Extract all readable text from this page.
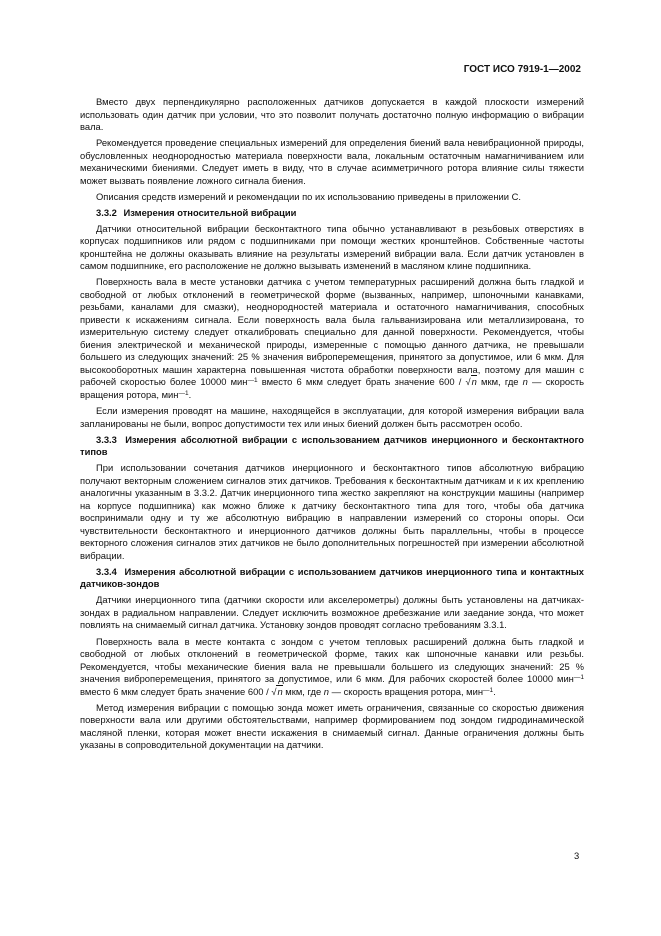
ГОСТ ИСО 7919-1—2002

Вместо двух перпендикулярно расположенных датчиков допускается в каждой плоскости измерений использовать один датчик при условии, что это позволит получать достаточно полную информацию о вибрации вала.

Рекомендуется проведение специальных измерений для определения биений вала невибрационной природы, обусловленных неоднородностью материала поверхности вала, локальным остаточным намагничиванием или механическими биениями. Следует иметь в виду, что в случае асимметричного ротора влияние силы тяжести может вызвать появление ложного сигнала биения.

Описания средств измерений и рекомендации по их использованию приведены в приложении С.

3.3.2 Измерения относительной вибрации

Датчики относительной вибрации бесконтактного типа обычно устанавливают в резьбовых отверстиях в корпусах подшипников или рядом с подшипниками при помощи жестких кронштейнов. Собственные частоты кронштейна не должны оказывать влияние на результаты измерений вибрации вала. Если датчик установлен в самом подшипнике, его расположение не должно вызывать изменений в масляном клине подшипника.

Поверхность вала в месте установки датчика с учетом температурных расширений должна быть гладкой и свободной от любых отклонений в геометрической форме (вызванных, например, шпоночными канавками, резьбами, каналами для смазки), неоднородностей материала и остаточного намагничивания, способных привести к искажениям сигнала. Если поверхность вала была гальванизирована или металлизирована, то измерительную систему следует откалибровать специально для данной поверхности. Рекомендуется, чтобы биения электрической и механической природы, измеренные с помощью данного датчика, не превышали большего из следующих значений: 25 % значения виброперемещения, принятого за допустимое, или 6 мкм. Для высокооборотных машин характерна повышенная чистота обработки поверхности вала, поэтому для машин с рабочей скоростью более 10000 мин$^{—1}$ вместо 6 мкм следует брать значение 600 / √n мкм, где n — скорость вращения ротора, мин$^{—1}$.

Если измерения проводят на машине, находящейся в эксплуатации, для которой измерения вибрации вала запланированы не были, вопрос допустимости тех или иных биений должен быть рассмотрен особо.

3.3.3 Измерения абсолютной вибрации с использованием датчиков инерционного и бесконтактного типов

При использовании сочетания датчиков инерционного и бесконтактного типов абсолютную вибрацию получают векторным сложением сигналов этих датчиков. Требования к бесконтактным датчикам и к их креплению аналогичны указанным в 3.3.2. Датчик инерционного типа жестко закрепляют на конструкции машины (например на корпусе подшипника) как можно ближе к датчику бесконтактного типа для того, чтобы оба датчика воспринимали одну и ту же абсолютную вибрацию в направлении измерений со стороны опоры. Оси чувствительности бесконтактного и инерционного датчиков должны быть параллельны, чтобы в процессе векторного сложения сигналов этих датчиков не было дополнительных погрешностей при измерении абсолютной вибрации.

3.3.4 Измерения абсолютной вибрации с использованием датчиков инерционного типа и контактных датчиков-зондов

Датчики инерционного типа (датчики скорости или акселерометры) должны быть установлены на датчиках-зондах в радиальном направлении. Следует исключить возможное дребезжание или заедание зонда, что может повлиять на снимаемый сигнал датчика. Установку зондов проводят согласно требованиям 3.3.1.

Поверхность вала в месте контакта с зондом с учетом тепловых расширений должна быть гладкой и свободной от любых отклонений в геометрической форме, таких как шпоночные канавки или резьбы. Рекомендуется, чтобы механические биения вала не превышали большего из следующих значений: 25 % значения виброперемещения, принятого за допустимое, или 6 мкм. Для рабочих скоростей более 10000 мин$^{—1}$ вместо 6 мкм следует брать значение 600 / √n мкм, где n — скорость вращения ротора, мин$^{—1}$.

Метод измерения вибрации с помощью зонда может иметь ограничения, связанные со скоростью движения поверхности вала или другими обстоятельствами, например формированием под зондом гидродинамической масляной пленки, которая может внести искажения в снимаемый сигнал. Данные ограничения должны быть указаны в сопроводительной документации на датчики.

3
